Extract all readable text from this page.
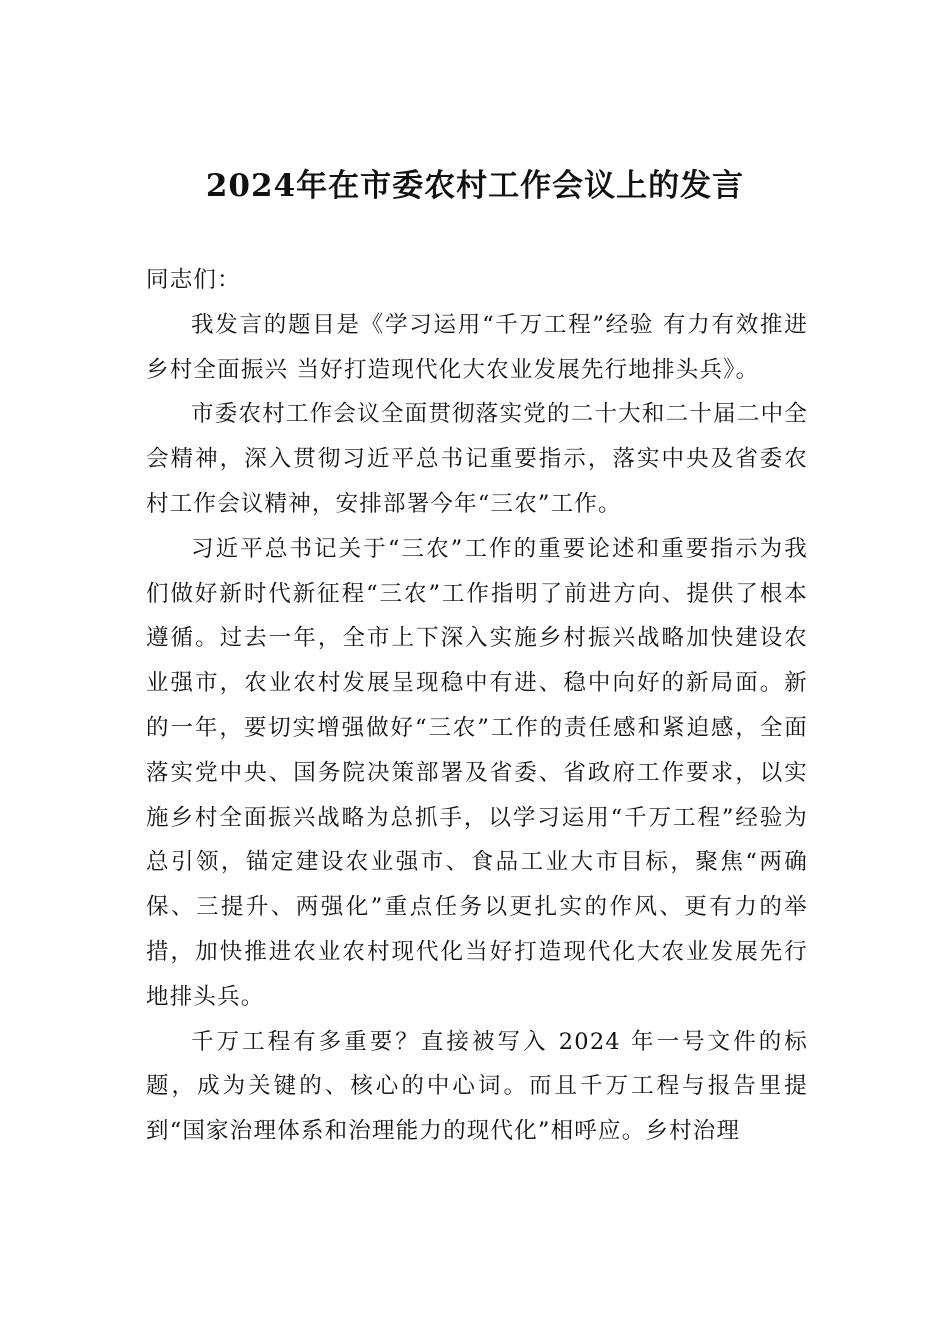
2024年在市委农村工作会议上的发言

同志们：

我发言的题目是《学习运用“千万工程”经验 有力有效推进乡村全面振兴 当好打造现代化大农业发展先行地排头兵》。

市委农村工作会议全面贯彻落实党的二十大和二十届二中全会精神，深入贯彻习近平总书记重要指示，落实中央及省委农村工作会议精神，安排部署今年“三农”工作。

习近平总书记关于“三农”工作的重要论述和重要指示为我们做好新时代新征程“三农”工作指明了前进方向、提供了根本遵循。过去一年，全市上下深入实施乡村振兴战略加快建设农业强市，农业农村发展呈现稳中有进、稳中向好的新局面。新的一年，要切实增强做好“三农”工作的责任感和紧迫感，全面落实党中央、国务院决策部署及省委、省政府工作要求，以实施乡村全面振兴战略为总抓手，以学习运用“千万工程”经验为总引领，锚定建设农业强市、食品工业大市目标，聚焦“两确保、三提升、两强化”重点任务以更扎实的作风、更有力的举措，加快推进农业农村现代化当好打造现代化大农业发展先行地排头兵。

千万工程有多重要？直接被写入 2024 年一号文件的标题，成为关键的、核心的中心词。而且千万工程与报告里提到“国家治理体系和治理能力的现代化”相呼应。乡村治理
